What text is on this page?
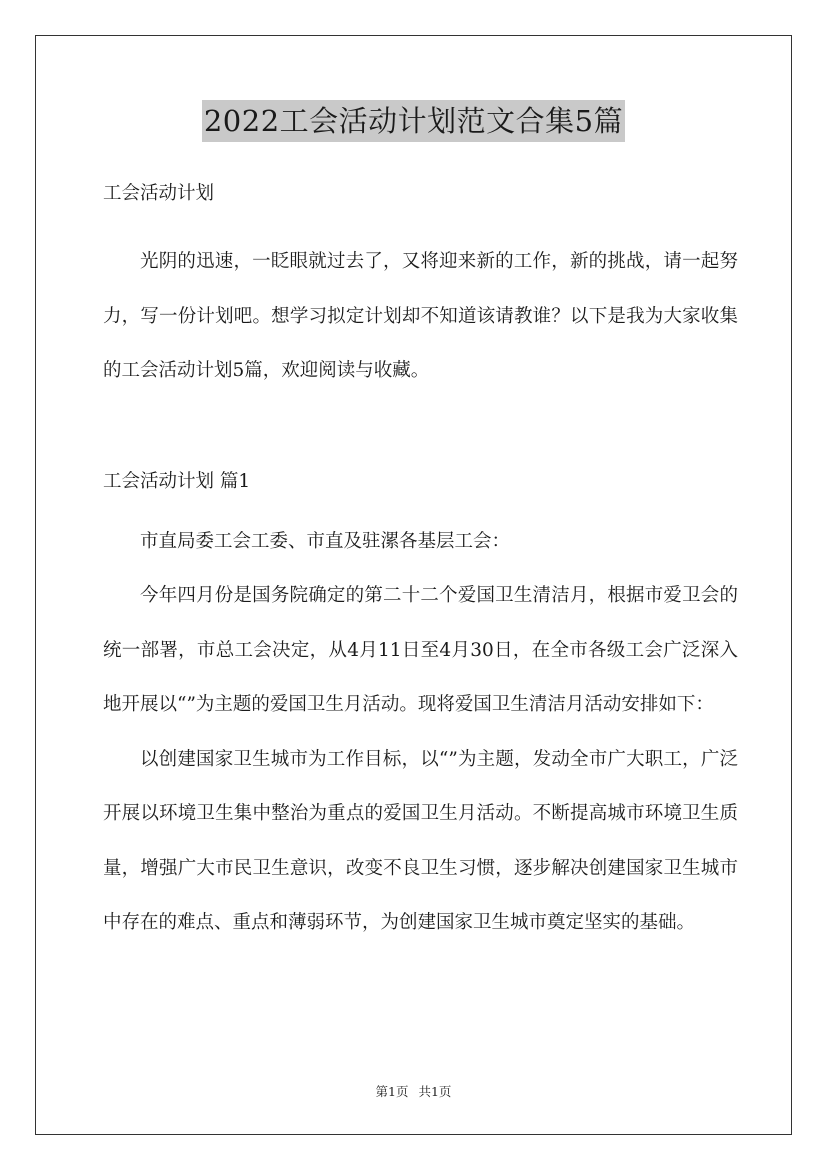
2022工会活动计划范文合集5篇
工会活动计划
光阴的迅速，一眨眼就过去了，又将迎来新的工作，新的挑战，请一起努力，写一份计划吧。想学习拟定计划却不知道该请教谁？以下是我为大家收集的工会活动计划5篇，欢迎阅读与收藏。
工会活动计划 篇1
市直局委工会工委、市直及驻漯各基层工会：
今年四月份是国务院确定的第二十二个爱国卫生清洁月，根据市爱卫会的统一部署，市总工会决定，从4月11日至4月30日，在全市各级工会广泛深入地开展以“”为主题的爱国卫生月活动。现将爱国卫生清洁月活动安排如下：
以创建国家卫生城市为工作目标，以“”为主题，发动全市广大职工，广泛开展以环境卫生集中整治为重点的爱国卫生月活动。不断提高城市环境卫生质量，增强广大市民卫生意识，改变不良卫生习惯，逐步解决创建国家卫生城市中存在的难点、重点和薄弱环节，为创建国家卫生城市奠定坚实的基础。
第1页 共1页
